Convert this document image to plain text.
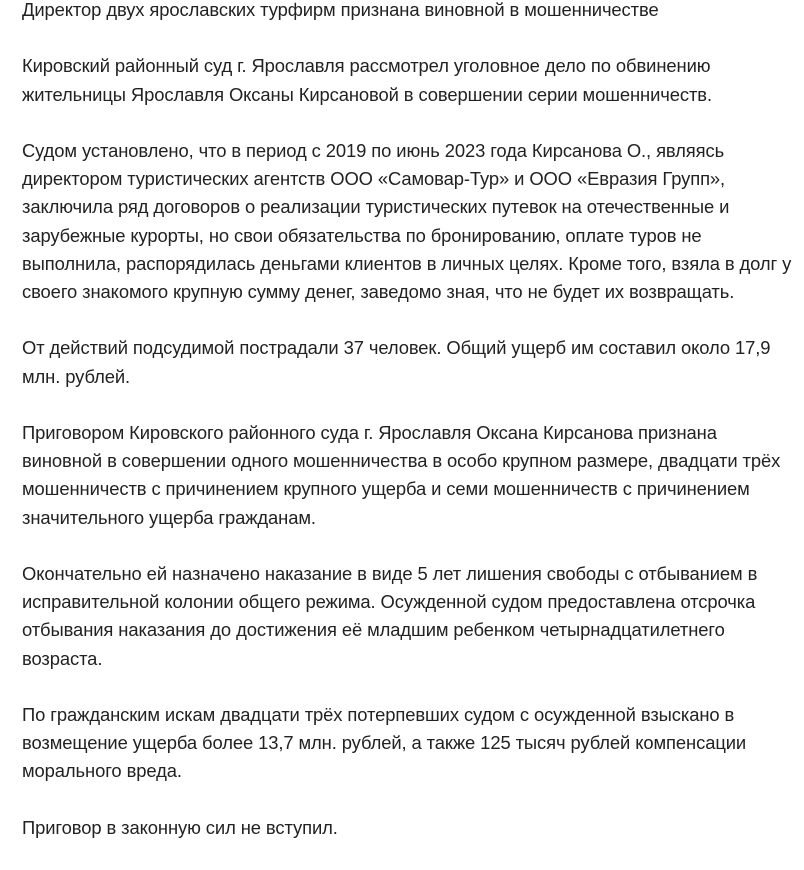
Директор двух ярославских турфирм признана виновной в мошенничестве

Кировский районный суд г. Ярославля рассмотрел уголовное дело по обвинению жительницы Ярославля Оксаны Кирсановой в совершении серии мошенничеств.

Судом установлено, что в период с 2019 по июнь 2023 года Кирсанова О., являясь директором туристических агентств ООО «Самовар-Тур» и ООО «Евразия Групп», заключила ряд договоров о реализации туристических путевок на отечественные и зарубежные курорты, но свои обязательства по бронированию, оплате туров не выполнила, распорядилась деньгами клиентов в личных целях. Кроме того, взяла в долг у своего знакомого крупную сумму денег, заведомо зная, что не будет их возвращать.

От действий подсудимой пострадали 37 человек. Общий ущерб им составил около 17,9 млн. рублей.

Приговором Кировского районного суда г. Ярославля Оксана Кирсанова признана виновной в совершении одного мошенничества в особо крупном размере, двадцати трёх мошенничеств с причинением крупного ущерба и семи мошенничеств с причинением значительного ущерба гражданам.

Окончательно ей назначено наказание в виде 5 лет лишения свободы с отбыванием в исправительной колонии общего режима. Осужденной судом предоставлена отсрочка отбывания наказания до достижения её младшим ребенком четырнадцатилетнего возраста.

По гражданским искам двадцати трёх потерпевших судом с осужденной взыскано в возмещение ущерба более 13,7 млн. рублей, а также 125 тысяч рублей компенсации морального вреда.

Приговор в законную сил не вступил.
